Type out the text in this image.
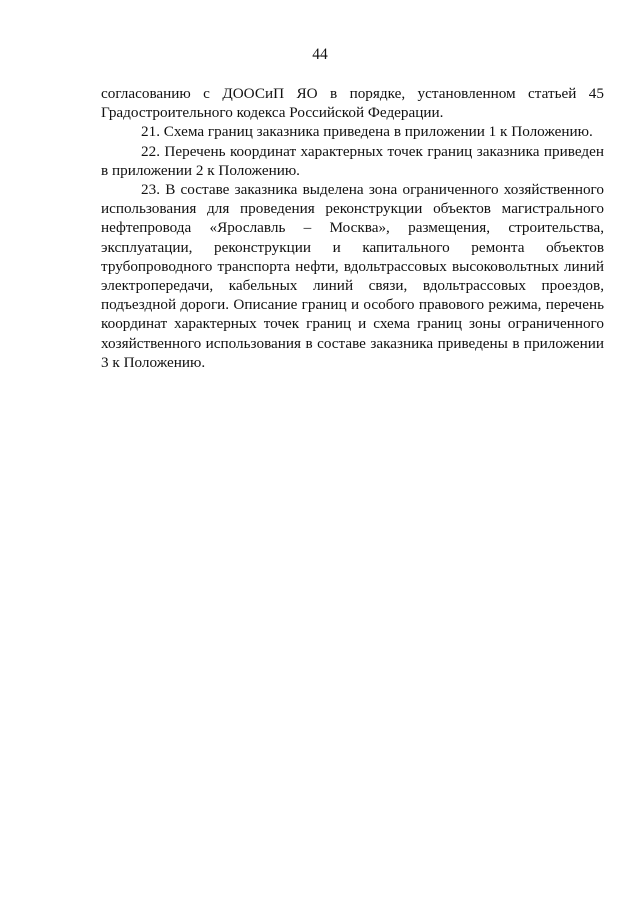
44

согласованию с ДООСиП ЯО в порядке, установленном статьей 45 Градостроительного кодекса Российской Федерации.

21. Схема границ заказника приведена в приложении 1 к Положению.

22. Перечень координат характерных точек границ заказника приведен в приложении 2 к Положению.

23. В составе заказника выделена зона ограниченного хозяйственного использования для проведения реконструкции объектов магистрального нефтепровода «Ярославль – Москва», размещения, строительства, эксплуатации, реконструкции и капитального ремонта объектов трубопроводного транспорта нефти, вдольтрассовых высоковольтных линий электропередачи, кабельных линий связи, вдольтрассовых проездов, подъездной дороги. Описание границ и особого правового режима, перечень координат характерных точек границ и схема границ зоны ограниченного хозяйственного использования в составе заказника приведены в приложении 3 к Положению.
